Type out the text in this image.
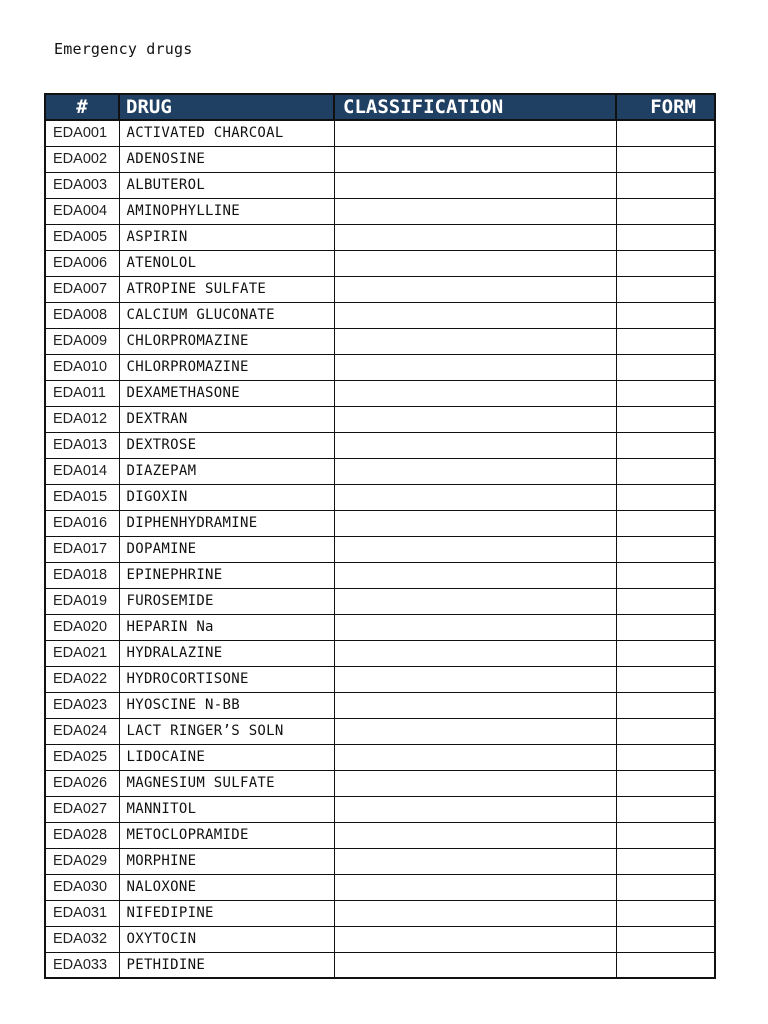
Emergency drugs
#	DRUG	CLASSIFICATION	FORM
EDA001	ACTIVATED CHARCOAL		
EDA002	ADENOSINE		
EDA003	ALBUTEROL		
EDA004	AMINOPHYLLINE		
EDA005	ASPIRIN		
EDA006	ATENOLOL		
EDA007	ATROPINE SULFATE		
EDA008	CALCIUM GLUCONATE		
EDA009	CHLORPROMAZINE		
EDA010	CHLORPROMAZINE		
EDA011	DEXAMETHASONE		
EDA012	DEXTRAN		
EDA013	DEXTROSE		
EDA014	DIAZEPAM		
EDA015	DIGOXIN		
EDA016	DIPHENHYDRAMINE		
EDA017	DOPAMINE		
EDA018	EPINEPHRINE		
EDA019	FUROSEMIDE		
EDA020	HEPARIN Na		
EDA021	HYDRALAZINE		
EDA022	HYDROCORTISONE		
EDA023	HYOSCINE N-BB		
EDA024	LACT RINGER’S SOLN		
EDA025	LIDOCAINE		
EDA026	MAGNESIUM SULFATE		
EDA027	MANNITOL		
EDA028	METOCLOPRAMIDE		
EDA029	MORPHINE		
EDA030	NALOXONE		
EDA031	NIFEDIPINE		
EDA032	OXYTOCIN		
EDA033	PETHIDINE		
